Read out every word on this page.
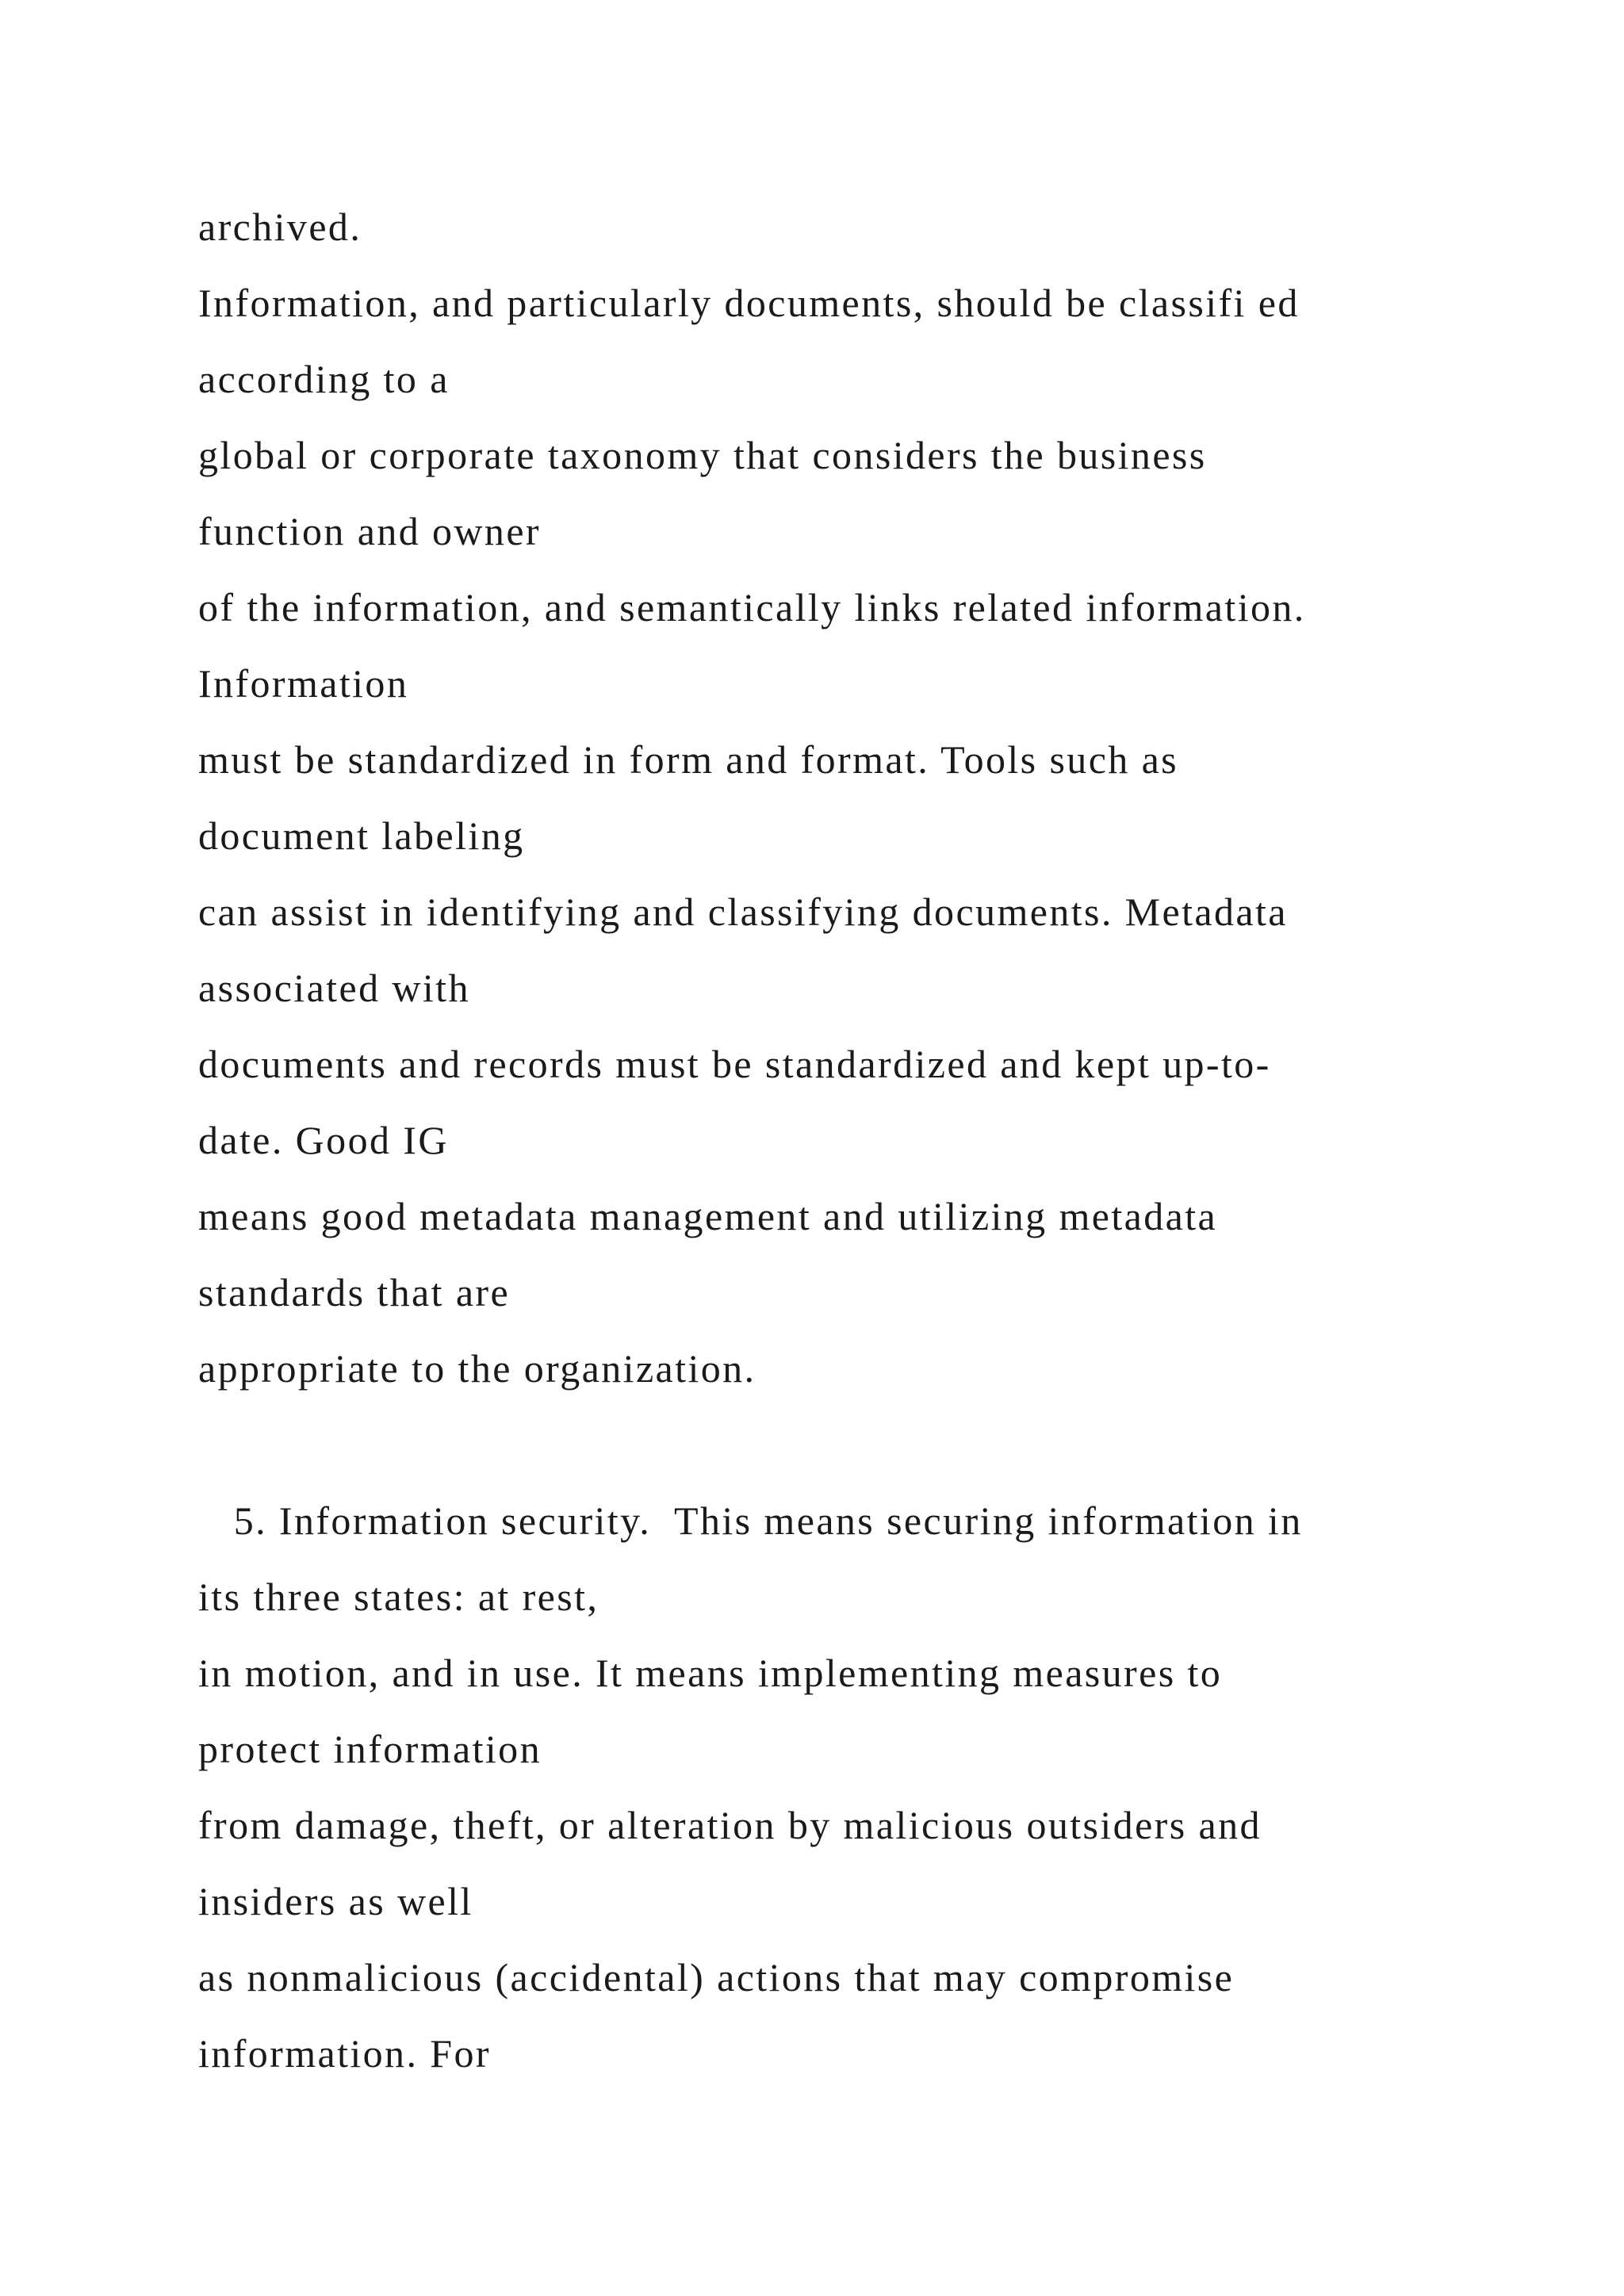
archived.
Information, and particularly documents, should be classifi ed
according to a
global or corporate taxonomy that considers the business
function and owner
of the information, and semantically links related information.
Information
must be standardized in form and format. Tools such as
document labeling
can assist in identifying and classifying documents. Metadata
associated with
documents and records must be standardized and kept up-to-
date. Good IG
means good metadata management and utilizing metadata
standards that are
appropriate to the organization.
5. Information security.  This means securing information in
its three states: at rest,
in motion, and in use. It means implementing measures to
protect information
from damage, theft, or alteration by malicious outsiders and
insiders as well
as nonmalicious (accidental) actions that may compromise
information. For
